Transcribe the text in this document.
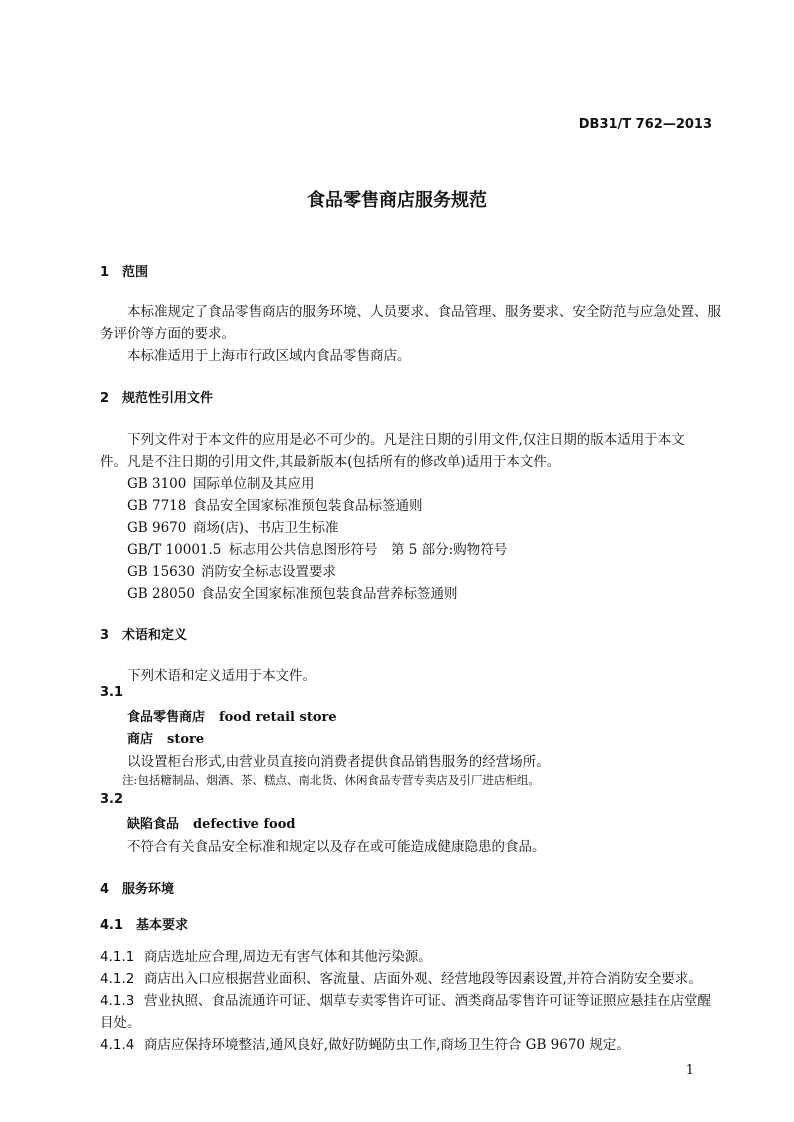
DB31/T 762—2013
食品零售商店服务规范
1 范围
本标准规定了食品零售商店的服务环境、人员要求、食品管理、服务要求、安全防范与应急处置、服
务评价等方面的要求。
本标准适用于上海市行政区域内食品零售商店。
2 规范性引用文件
下列文件对于本文件的应用是必不可少的。凡是注日期的引用文件,仅注日期的版本适用于本文
件。凡是不注日期的引用文件,其最新版本(包括所有的修改单)适用于本文件。
GB 3100 国际单位制及其应用
GB 7718 食品安全国家标准预包装食品标签通则
GB 9670 商场(店)、书店卫生标准
GB/T 10001.5 标志用公共信息图形符号　第 5 部分:购物符号
GB 15630 消防安全标志设置要求
GB 28050 食品安全国家标准预包装食品营养标签通则
3 术语和定义
下列术语和定义适用于本文件。
3.1
食品零售商店 food retail store
商店 store
以设置柜台形式,由营业员直接向消费者提供食品销售服务的经营场所。
注:包括糖制品、烟酒、茶、糕点、南北货、休闲食品专营专卖店及引厂进店柜组。
3.2
缺陷食品 defective food
不符合有关食品安全标准和规定以及存在或可能造成健康隐患的食品。
4 服务环境
4.1 基本要求
4.1.1 商店选址应合理,周边无有害气体和其他污染源。
4.1.2 商店出入口应根据营业面积、客流量、店面外观、经营地段等因素设置,并符合消防安全要求。
4.1.3 营业执照、食品流通许可证、烟草专卖零售许可证、酒类商品零售许可证等证照应悬挂在店堂醒
目处。
4.1.4 商店应保持环境整洁,通风良好,做好防蝇防虫工作,商场卫生符合 GB 9670 规定。
1
